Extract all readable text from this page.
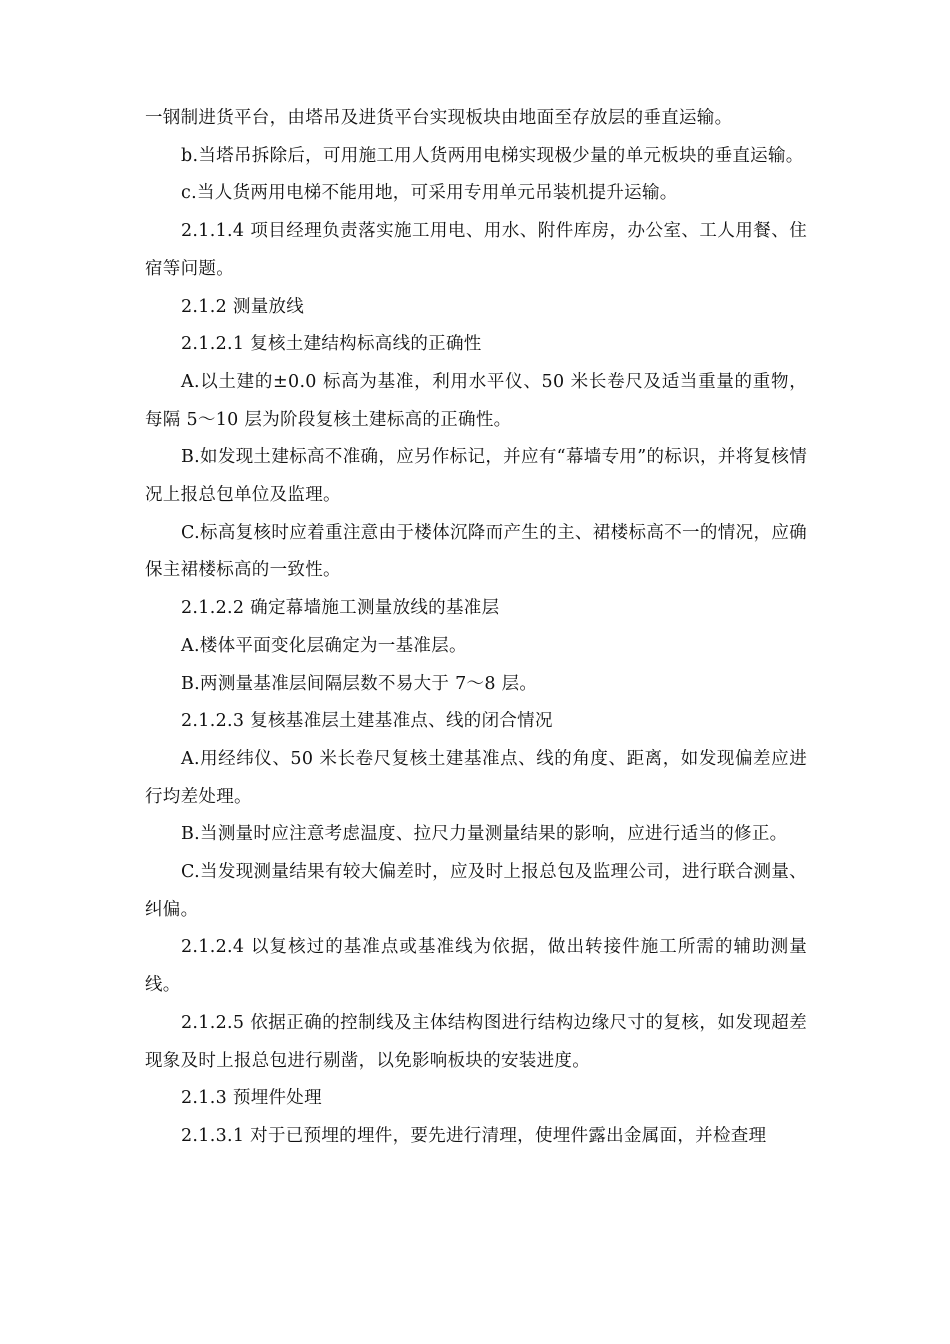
一钢制进货平台，由塔吊及进货平台实现板块由地面至存放层的垂直运输。

b.当塔吊拆除后，可用施工用人货两用电梯实现极少量的单元板块的垂直运输。

c.当人货两用电梯不能用地，可采用专用单元吊装机提升运输。

2.1.1.4 项目经理负责落实施工用电、用水、附件库房，办公室、工人用餐、住宿等问题。

2.1.2 测量放线

2.1.2.1 复核土建结构标高线的正确性

A.以土建的±0.0 标高为基准，利用水平仪、50 米长卷尺及适当重量的重物，每隔 5～10 层为阶段复核土建标高的正确性。

B.如发现土建标高不准确，应另作标记，并应有“幕墙专用”的标识，并将复核情况上报总包单位及监理。

C.标高复核时应着重注意由于楼体沉降而产生的主、裙楼标高不一的情况，应确保主裙楼标高的一致性。

2.1.2.2 确定幕墙施工测量放线的基准层

A.楼体平面变化层确定为一基准层。

B.两测量基准层间隔层数不易大于 7～8 层。

2.1.2.3 复核基准层土建基准点、线的闭合情况

A.用经纬仪、50 米长卷尺复核土建基准点、线的角度、距离，如发现偏差应进行均差处理。

B.当测量时应注意考虑温度、拉尺力量测量结果的影响，应进行适当的修正。

C.当发现测量结果有较大偏差时，应及时上报总包及监理公司，进行联合测量、纠偏。

2.1.2.4 以复核过的基准点或基准线为依据，做出转接件施工所需的辅助测量线。

2.1.2.5 依据正确的控制线及主体结构图进行结构边缘尺寸的复核，如发现超差现象及时上报总包进行剔凿，以免影响板块的安装进度。

2.1.3 预埋件处理

2.1.3.1 对于已预埋的埋件，要先进行清理，使埋件露出金属面，并检查理
